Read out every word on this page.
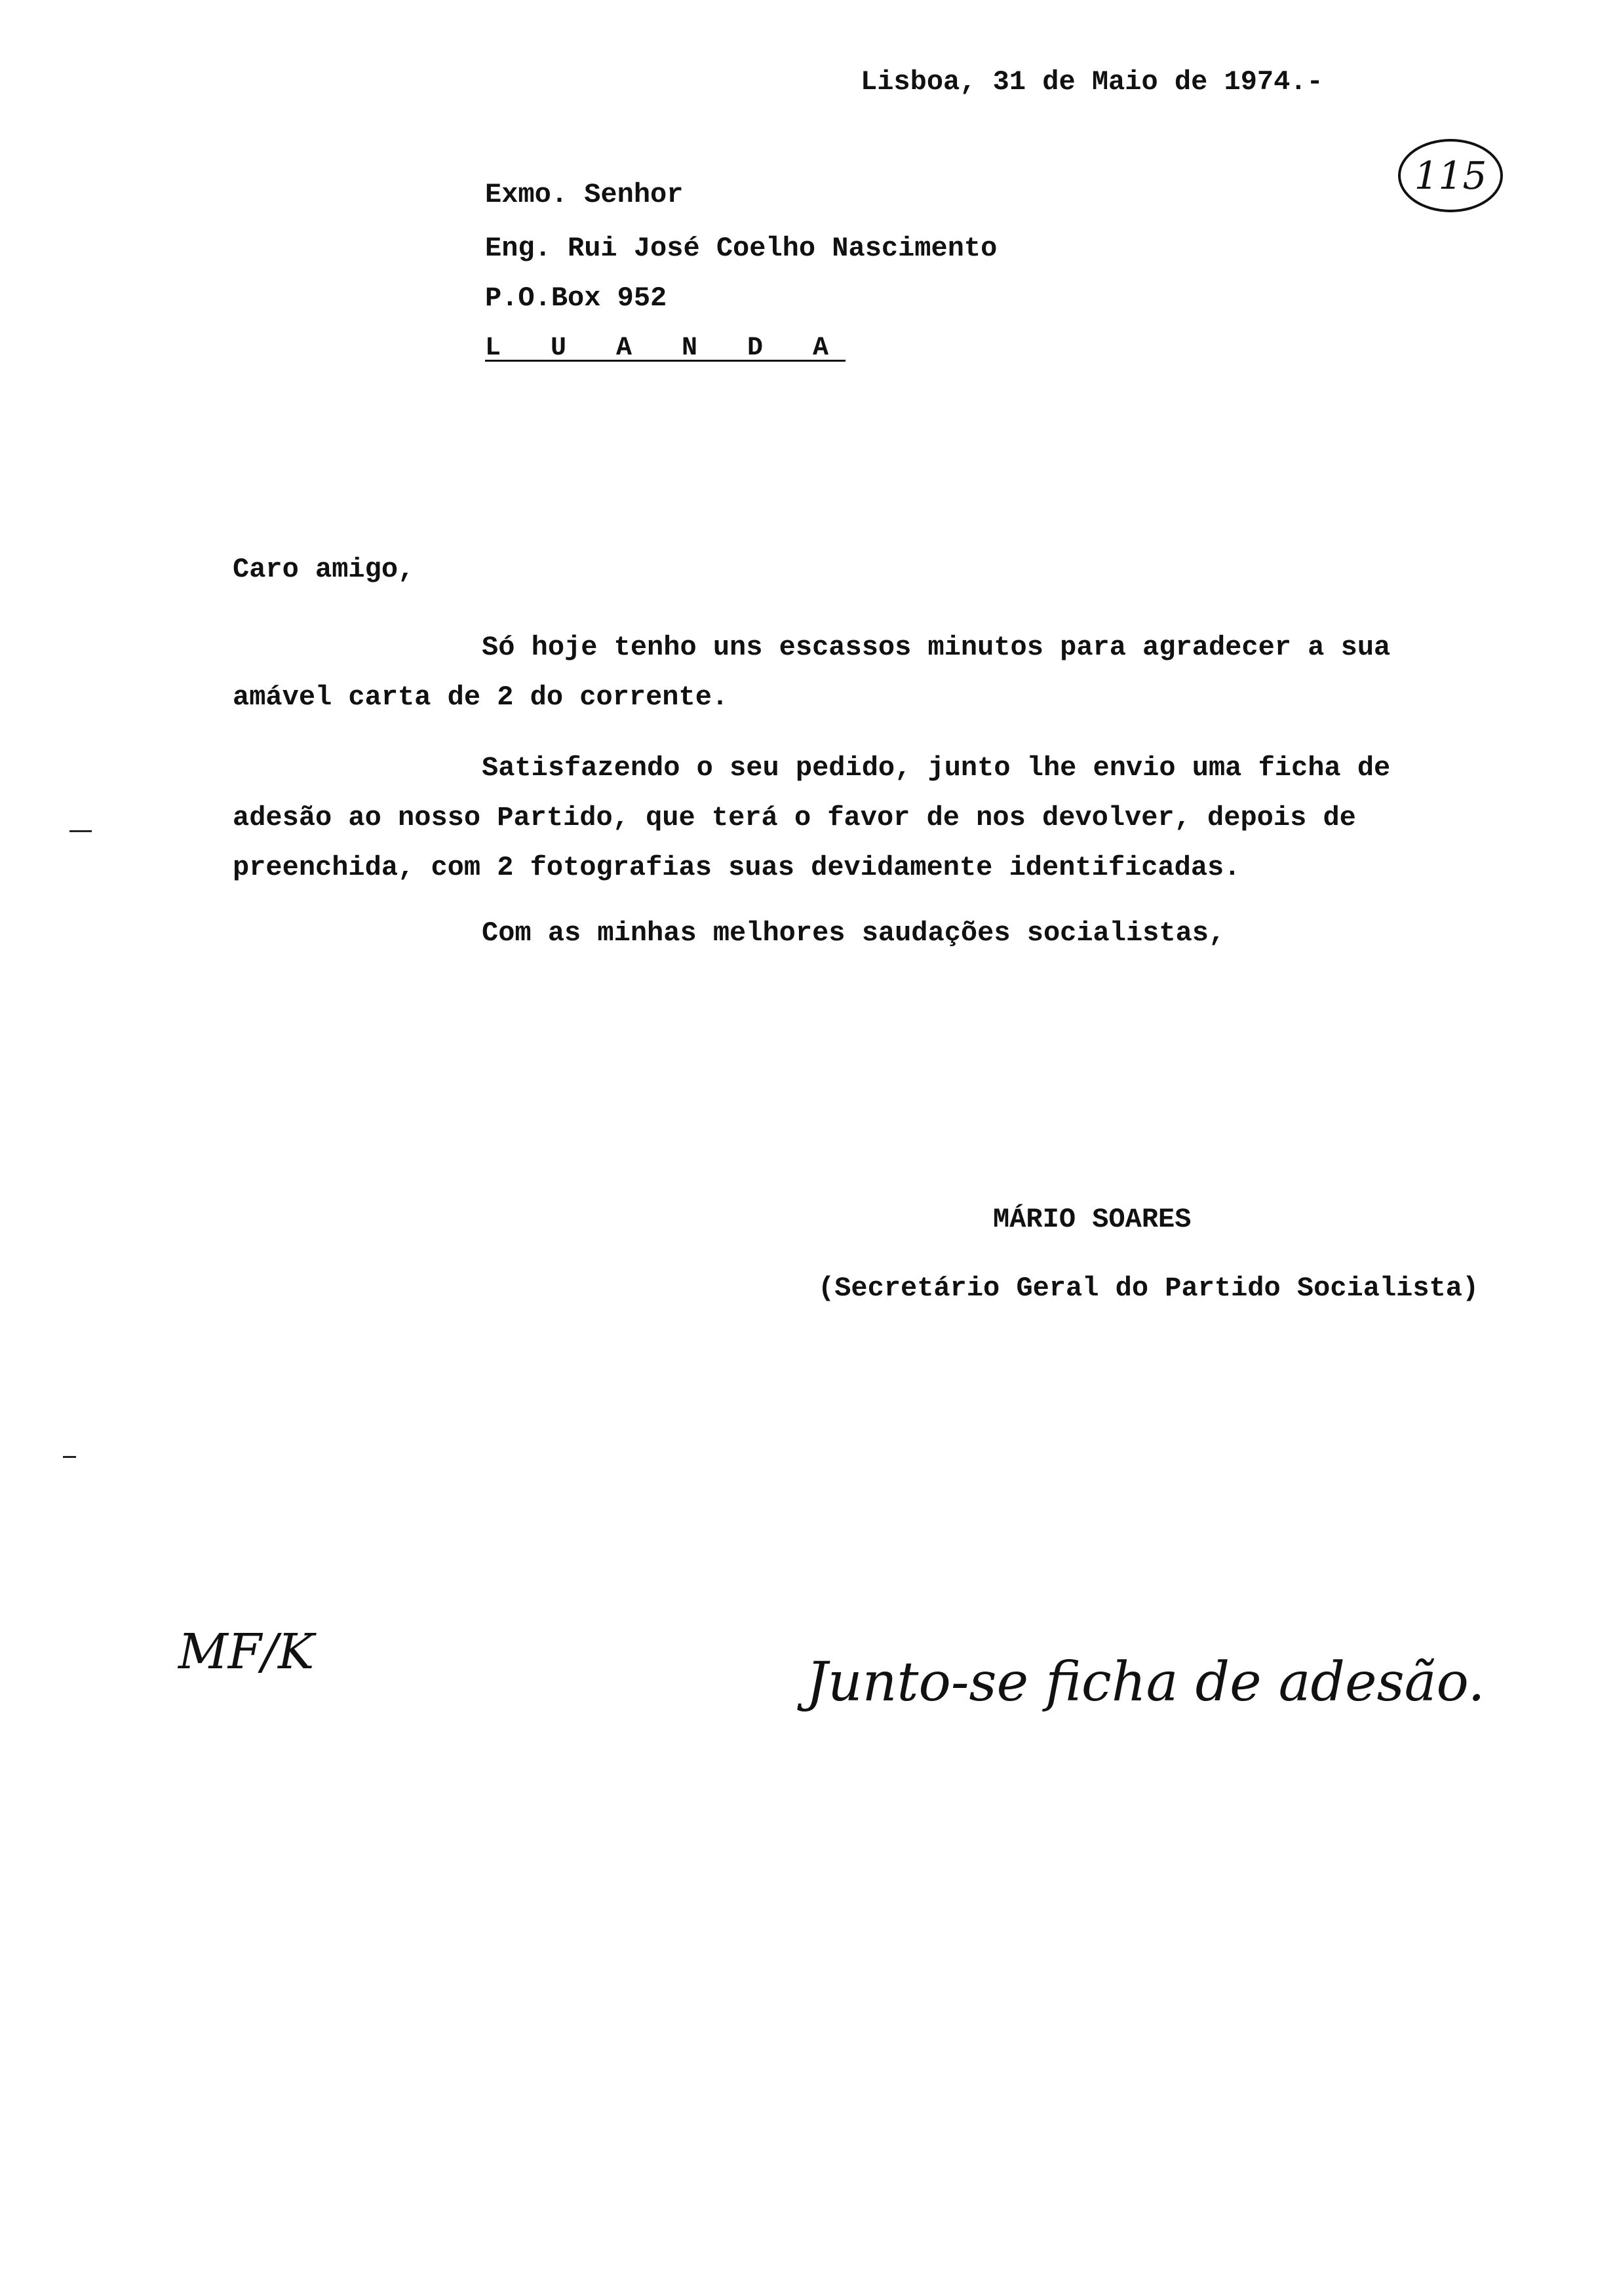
Lisboa, 31 de Maio de 1974.-
115
Exmo. Senhor
Eng. Rui José Coelho Nascimento
P.O.Box 952
L U A N D A
Caro amigo,
Só hoje tenho uns escassos minutos para agradecer a sua
amável carta de 2 do corrente.
Satisfazendo o seu pedido, junto lhe envio uma ficha de
adesão ao nosso Partido, que terá o favor de nos devolver, depois de
preenchida, com 2 fotografias suas devidamente identificadas.
Com as minhas melhores saudações socialistas,
MÁRIO SOARES
(Secretário Geral do Partido Socialista)
MF/K	Junto-se ficha de adesão.
